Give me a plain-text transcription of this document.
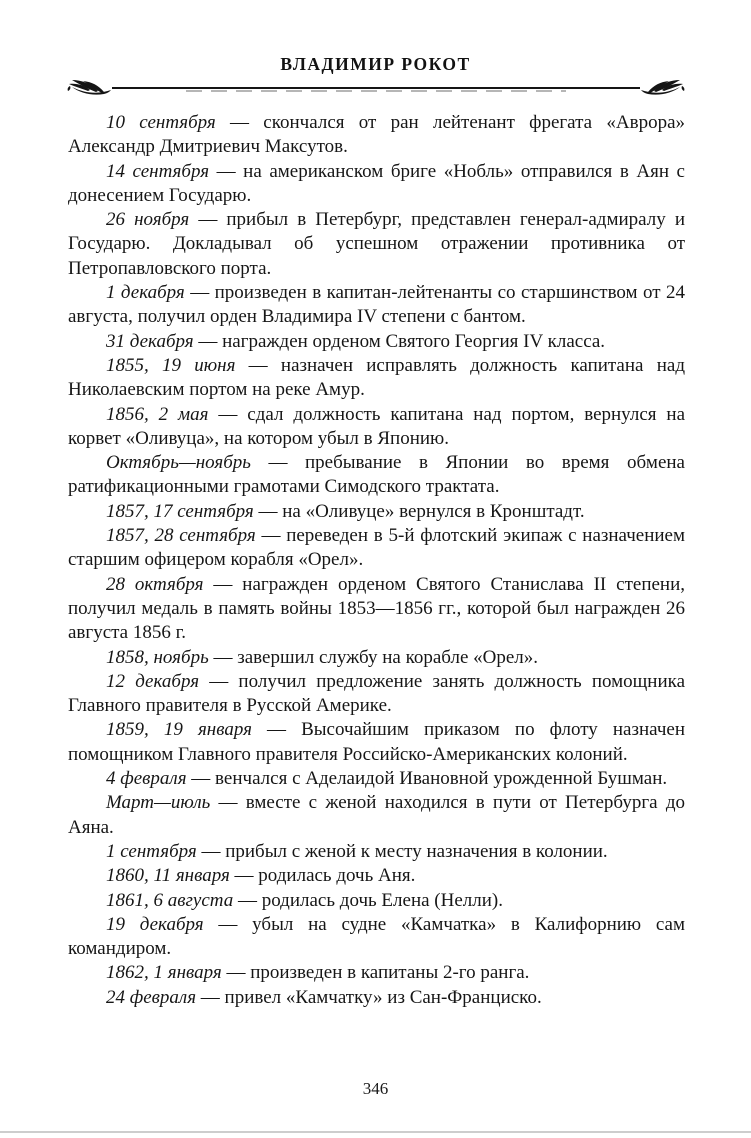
ВЛАДИМИР РОКОТ

10 сентября — скончался от ран лейтенант фрегата «Аврора» Александр Дмитриевич Максутов.

14 сентября — на американском бриге «Нобль» отправился в Аян с донесением Государю.

26 ноября — прибыл в Петербург, представлен генерал-адмиралу и Государю. Докладывал об успешном отражении противника от Петропавловского порта.

1 декабря — произведен в капитан-лейтенанты со старшинством от 24 августа, получил орден Владимира IV степени с бантом.

31 декабря — награжден орденом Святого Георгия IV класса.

1855, 19 июня — назначен исправлять должность капитана над Николаевским портом на реке Амур.

1856, 2 мая — сдал должность капитана над портом, вернулся на корвет «Оливуца», на котором убыл в Японию.

Октябрь—ноябрь — пребывание в Японии во время обмена ратификационными грамотами Симодского трактата.

1857, 17 сентября — на «Оливуце» вернулся в Кронштадт.

1857, 28 сентября — переведен в 5-й флотский экипаж с назначением старшим офицером корабля «Орел».

28 октября — награжден орденом Святого Станислава II степени, получил медаль в память войны 1853—1856 гг., которой был награжден 26 августа 1856 г.

1858, ноябрь — завершил службу на корабле «Орел».

12 декабря — получил предложение занять должность помощника Главного правителя в Русской Америке.

1859, 19 января — Высочайшим приказом по флоту назначен помощником Главного правителя Российско-Американских колоний.

4 февраля — венчался с Аделаидой Ивановной урожденной Бушман.

Март—июль — вместе с женой находился в пути от Петербурга до Аяна.

1 сентября — прибыл с женой к месту назначения в колонии.

1860, 11 января — родилась дочь Аня.

1861, 6 августа — родилась дочь Елена (Нелли).

19 декабря — убыл на судне «Камчатка» в Калифорнию сам командиром.

1862, 1 января — произведен в капитаны 2-го ранга.

24 февраля — привел «Камчатку» из Сан-Франциско.

346
